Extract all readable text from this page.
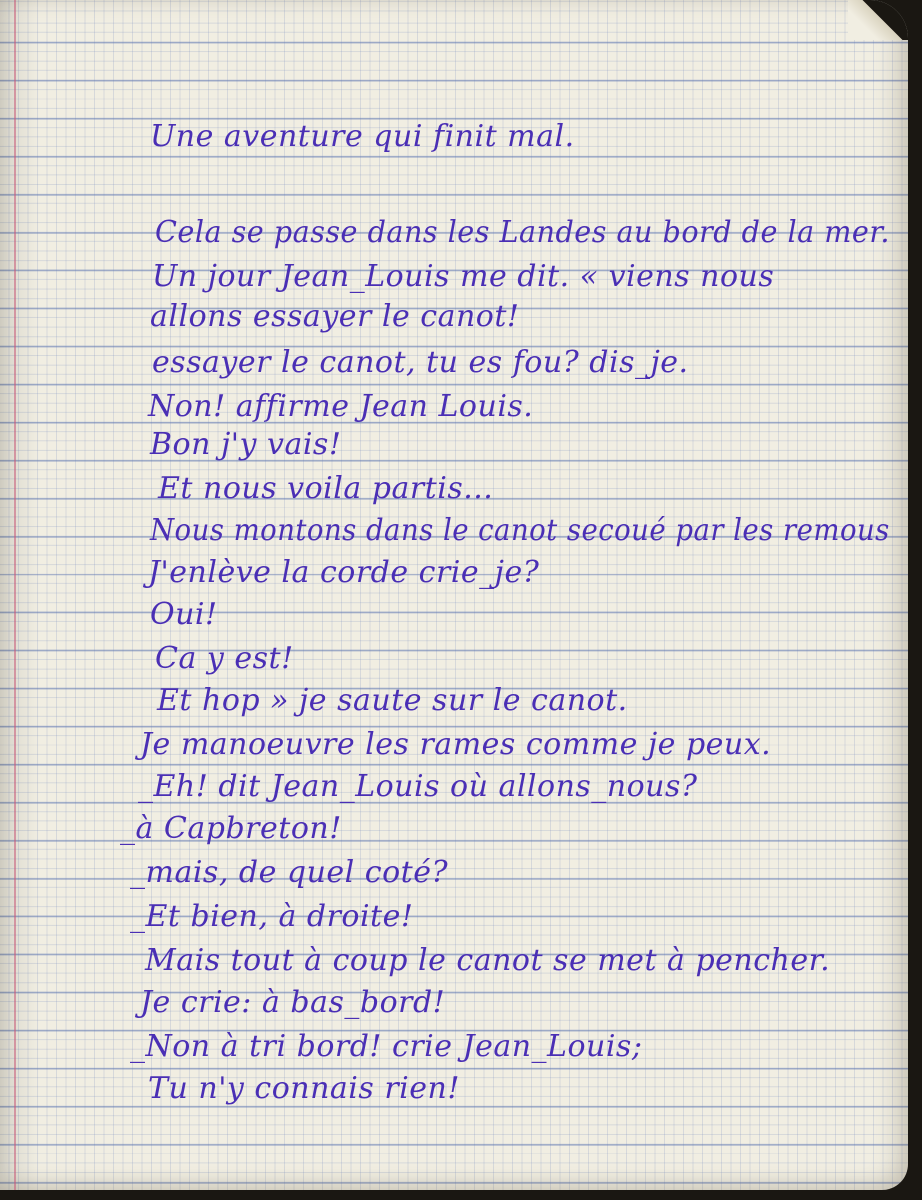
Une aventure qui finit mal.

Cela se passe dans les Landes au bord de la mer.

Un jour Jean_Louis me dit. « viens nous

allons essayer le canot!

essayer le canot, tu es fou? dis_je.

Non! affirme Jean Louis.

Bon j'y vais!

Et nous voila partis...

Nous montons dans le canot secoué par les remous

J'enlève la corde crie_je?

Oui!

Ca y est!

Et hop » je saute sur le canot.

Je manoeuvre les rames comme je peux.

_Eh! dit Jean_Louis où allons_nous?

_à Capbreton!

_mais, de quel coté?

_Et bien, à droite!

Mais tout à coup le canot se met à pencher.

Je crie: à bas_bord!

_Non à tri bord! crie Jean_Louis;

Tu n'y connais rien!
